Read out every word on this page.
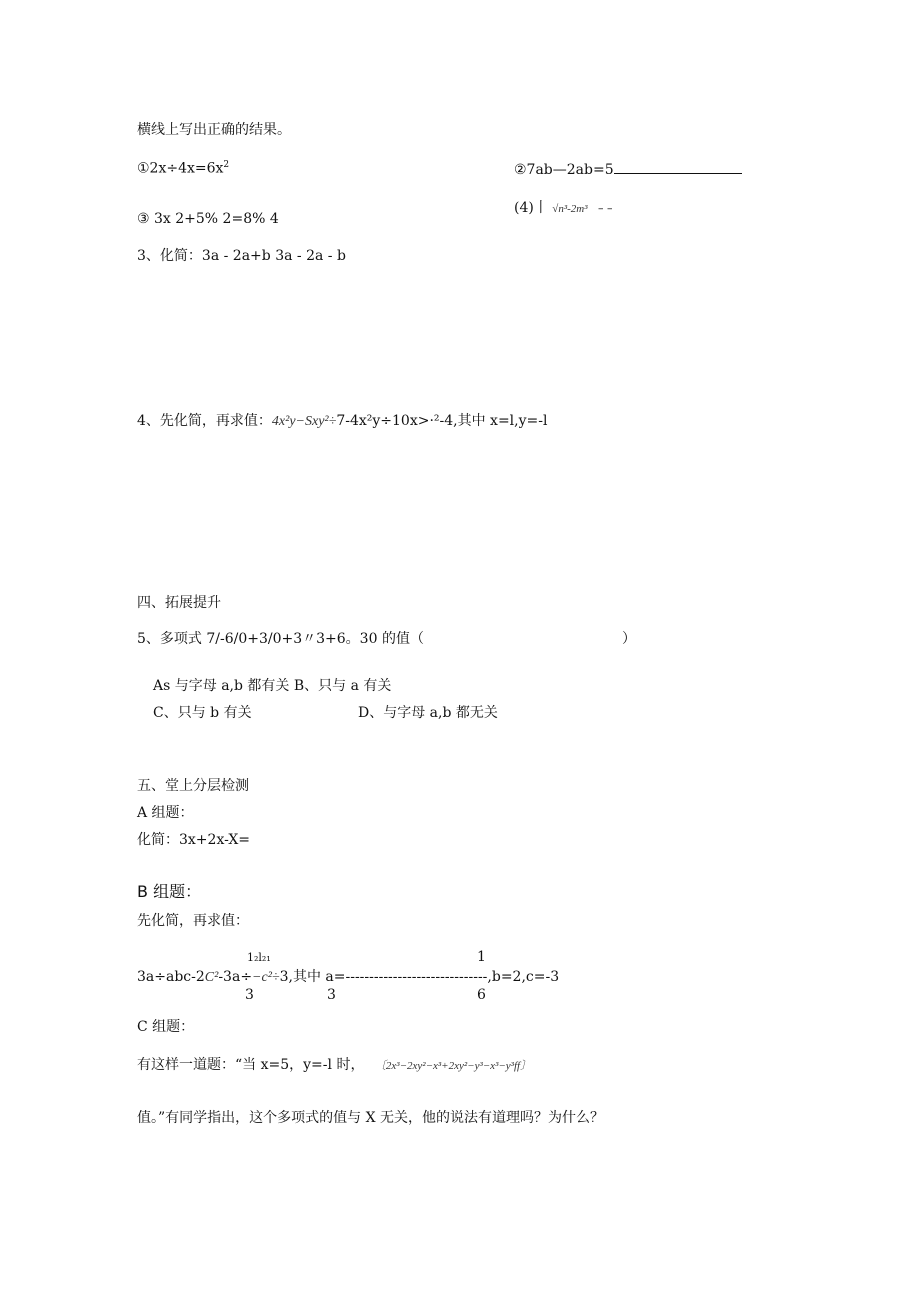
横线上写出正确的结果。
$①2x\div 4x=6x^2$	②7ab—2ab=5
(4)丨 √n³-2m³ – –
③ 3x 2+5% 2=8% 4
3、化简：3a - 2a+b 3a - 2a - b
4、先化简，再求值：4x²y−Sxy²÷7-4x²y÷10x>·²-4,其中 x=l,y=-l
四、拓展提升
5、多项式 7/-6/0+3/0+3〃3+6。30 的值（	）
As 与字母 a,b 都有关 B、只与 a 有关
C、只与 b 有关	D、与字母 a,b 都无关
五、堂上分层检测
A 组题：
化简：3x+2x-X=
B 组题：
先化简，再求值：
1₂l₂₁	1
3a÷abc-2C²-3a÷−c²÷3,其中 a=------------------------------,b=2,c=-3
3	3	6
C 组题：
有这样一道题：“当 x=5，y=-l 时， 〔2x³−2xy²−x³+2xy²−y³−x³−y³ff〕
值。”有同学指出，这个多项式的值与 X 无关，他的说法有道理吗？为什么？
